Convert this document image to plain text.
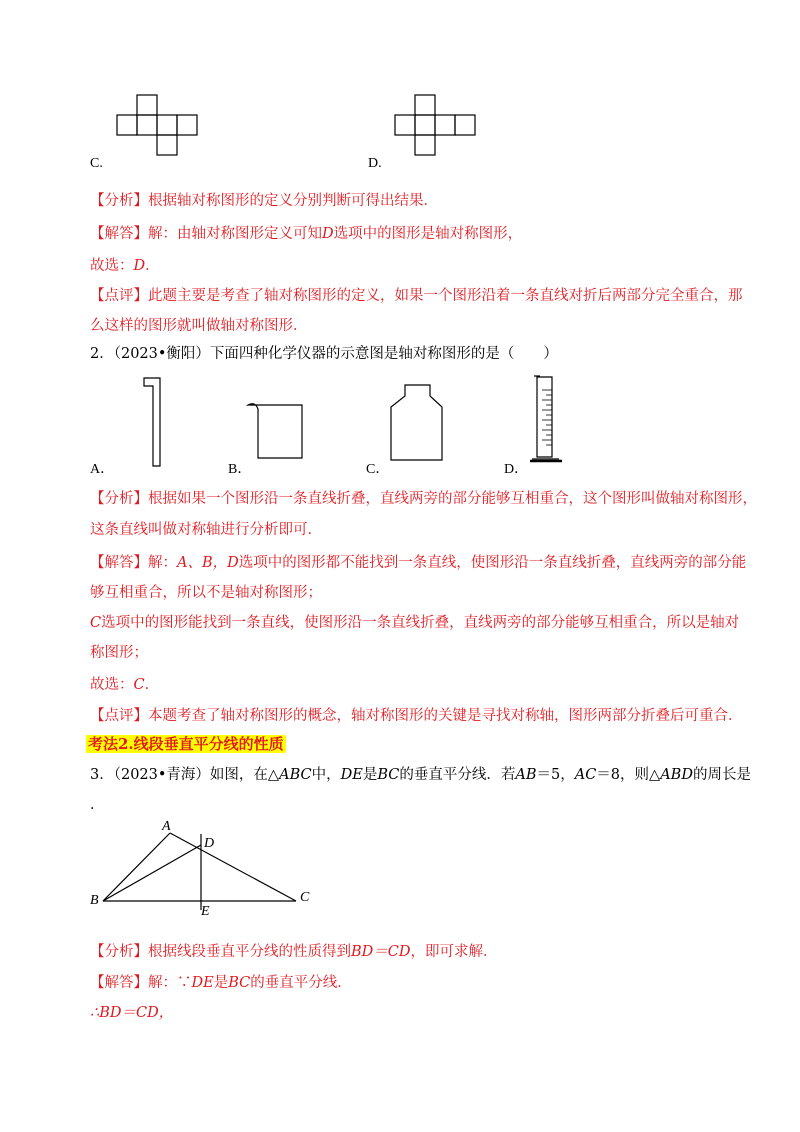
C.	D.
【分析】根据轴对称图形的定义分别判断可得出结果．
【解答】解：由轴对称图形定义可知D选项中的图形是轴对称图形，
故选：D．
【点评】此题主要是考查了轴对称图形的定义，如果一个图形沿着一条直线对折后两部分完全重合，那
么这样的图形就叫做轴对称图形．
2．（2023•衡阳）下面四种化学仪器的示意图是轴对称图形的是（　　）
A．	B．	C．	D．
【分析】根据如果一个图形沿一条直线折叠，直线两旁的部分能够互相重合，这个图形叫做轴对称图形，
这条直线叫做对称轴进行分析即可．
【解答】解：A、B，D选项中的图形都不能找到一条直线，使图形沿一条直线折叠，直线两旁的部分能
够互相重合，所以不是轴对称图形；
C选项中的图形能找到一条直线，使图形沿一条直线折叠，直线两旁的部分能够互相重合，所以是轴对
称图形；
故选：C．
【点评】本题考查了轴对称图形的概念，轴对称图形的关键是寻找对称轴，图形两部分折叠后可重合．
考法2.线段垂直平分线的性质
3．（2023•青海）如图，在△ABC中，DE是BC的垂直平分线．若AB＝5，AC＝8，则△ABD的周长是
．
A
D
B
E
C
【分析】根据线段垂直平分线的性质得到BD＝CD，即可求解．
【解答】解：∵DE是BC的垂直平分线．
∴BD＝CD，
